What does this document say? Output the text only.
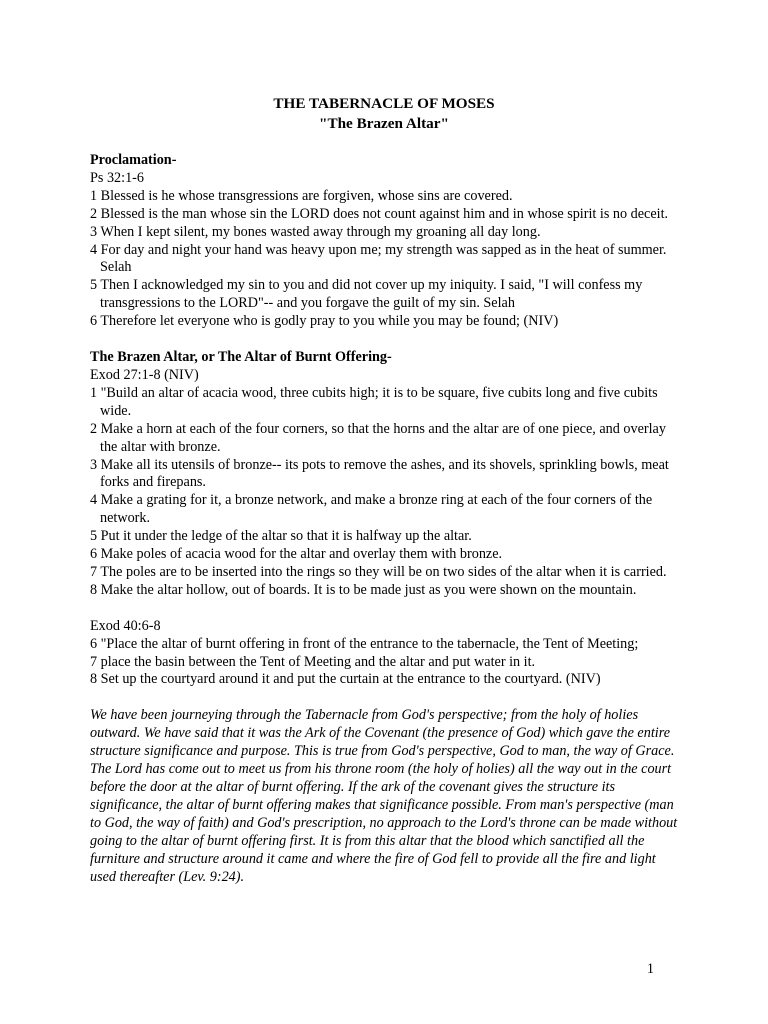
THE TABERNACLE OF MOSES
"The Brazen Altar"
Proclamation-
Ps 32:1-6
1 Blessed is he whose transgressions are forgiven, whose sins are covered.
2 Blessed is the man whose sin the LORD does not count against him and in whose spirit is no deceit.
3 When I kept silent, my bones wasted away through my groaning all day long.
4 For day and night your hand was heavy upon me; my strength was sapped as in the heat of summer. Selah
5 Then I acknowledged my sin to you and did not cover up my iniquity. I said, "I will confess my transgressions to the LORD"-- and you forgave the guilt of my sin. Selah
6 Therefore let everyone who is godly pray to you while you may be found; (NIV)
The Brazen Altar, or The Altar of Burnt Offering-
Exod 27:1-8 (NIV)
1 "Build an altar of acacia wood, three cubits high; it is to be square, five cubits long and five cubits wide.
2 Make a horn at each of the four corners, so that the horns and the altar are of one piece, and overlay the altar with bronze.
3 Make all its utensils of bronze-- its pots to remove the ashes, and its shovels, sprinkling bowls, meat forks and firepans.
4 Make a grating for it, a bronze network, and make a bronze ring at each of the four corners of the network.
5 Put it under the ledge of the altar so that it is halfway up the altar.
6 Make poles of acacia wood for the altar and overlay them with bronze.
7 The poles are to be inserted into the rings so they will be on two sides of the altar when it is carried.
8 Make the altar hollow, out of boards. It is to be made just as you were shown on the mountain.
Exod 40:6-8
6 "Place the altar of burnt offering in front of the entrance to the tabernacle, the Tent of Meeting;
7 place the basin between the Tent of Meeting and the altar and put water in it.
8 Set up the courtyard around it and put the curtain at the entrance to the courtyard. (NIV)
We have been journeying through the Tabernacle from God's perspective; from the holy of holies outward. We have said that it was the Ark of the Covenant (the presence of God) which gave the entire structure significance and purpose. This is true from God's perspective, God to man, the way of Grace. The Lord has come out to meet us from his throne room (the holy of holies) all the way out in the court before the door at the altar of burnt offering. If the ark of the covenant gives the structure its significance, the altar of burnt offering makes that significance possible. From man's perspective (man to God, the way of faith) and God's prescription, no approach to the Lord's throne can be made without going to the altar of burnt offering first. It is from this altar that the blood which sanctified all the furniture and structure around it came and where the fire of God fell to provide all the fire and light used thereafter (Lev. 9:24).
1
